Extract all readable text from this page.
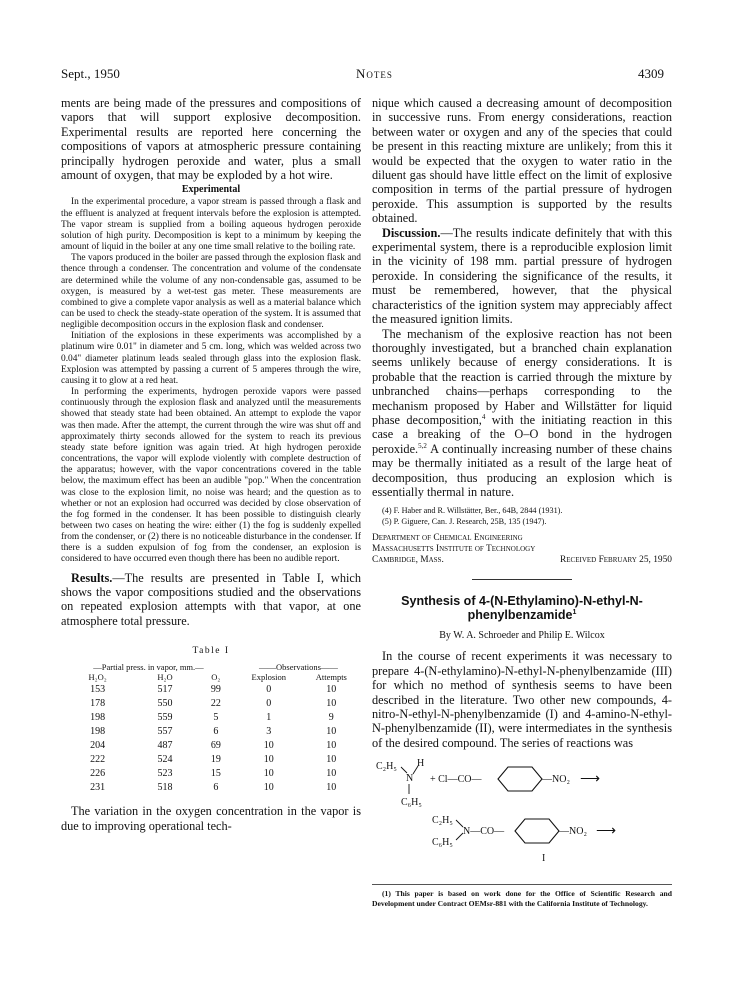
Sept., 1950	Notes	4309

ments are being made of the pressures and compositions of vapors that will support explosive decomposition. Experimental results are reported here concerning the compositions of vapors at atmospheric pressure containing principally hydrogen peroxide and water, plus a small amount of oxygen, that may be exploded by a hot wire.

Experimental

In the experimental procedure, a vapor stream is passed through a flask and the effluent is analyzed at frequent intervals before the explosion is attempted. The vapor stream is supplied from a boiling aqueous hydrogen peroxide solution of high purity. Decomposition is kept to a minimum by keeping the amount of liquid in the boiler at any one time small relative to the boiling rate.

The vapors produced in the boiler are passed through the explosion flask and thence through a condenser. The concentration and volume of the condensate are determined while the volume of any non-condensable gas, assumed to be oxygen, is measured by a wet-test gas meter. These measurements are combined to give a complete vapor analysis as well as a material balance which can be used to check the steady-state operation of the system. It is assumed that negligible decomposition occurs in the explosion flask and condenser.

Initiation of the explosions in these experiments was accomplished by a platinum wire 0.01" in diameter and 5 cm. long, which was welded across two 0.04" diameter platinum leads sealed through glass into the explosion flask. Explosion was attempted by passing a current of 5 amperes through the wire, causing it to glow at a red heat.

In performing the experiments, hydrogen peroxide vapors were passed continuously through the explosion flask and analyzed until the measurements showed that steady state had been obtained. An attempt to explode the vapor was then made. After the attempt, the current through the wire was shut off and approximately thirty seconds allowed for the system to reach its previous steady state before ignition was again tried. At high hydrogen peroxide concentrations, the vapor will explode violently with complete destruction of the apparatus; however, with the vapor concentrations covered in the table below, the maximum effect has been an audible "pop." When the concentration was close to the explosion limit, no noise was heard; and the question as to whether or not an explosion had occurred was decided by close observation of the fog formed in the condenser. It has been possible to distinguish clearly between two cases on heating the wire: either (1) the fog is suddenly expelled from the condenser, or (2) there is no noticeable disturbance in the condenser. If there is a sudden expulsion of fog from the condenser, an explosion is considered to have occurred even though there has been no audible report.

Results.—The results are presented in Table I, which shows the vapor compositions studied and the observations on repeated explosion attempts with that vapor, at one atmosphere total pressure.

Table I
—Partial press. in vapor, mm.—			——Observations——	
H₂O₂	H₂O	O₂	Explosion	Attempts
153	517	99	0	10
178	550	22	0	10
198	559	5	1	9
198	557	6	3	10
204	487	69	10	10
222	524	19	10	10
226	523	15	10	10
231	518	6	10	10

The variation in the oxygen concentration in the vapor is due to improving operational tech-

nique which caused a decreasing amount of decomposition in successive runs. From energy considerations, reaction between water or oxygen and any of the species that could be present in this reacting mixture are unlikely; from this it would be expected that the oxygen to water ratio in the diluent gas should have little effect on the limit of explosive composition in terms of the partial pressure of hydrogen peroxide. This assumption is supported by the results obtained.

Discussion.—The results indicate definitely that with this experimental system, there is a reproducible explosion limit in the vicinity of 198 mm. partial pressure of hydrogen peroxide. In considering the significance of the results, it must be remembered, however, that the physical characteristics of the ignition system may appreciably affect the measured ignition limits.

The mechanism of the explosive reaction has not been thoroughly investigated, but a branched chain explanation seems unlikely because of energy considerations. It is probable that the reaction is carried through the mixture by unbranched chains—perhaps corresponding to the mechanism proposed by Haber and Willstätter for liquid phase decomposition,$^4$ with the initiating reaction in this case a breaking of the O–O bond in the hydrogen peroxide.$^{5,2}$ A continually increasing number of these chains may be thermally initiated as a result of the large heat of decomposition, thus producing an explosion which is essentially thermal in nature.

(4) F. Haber and R. Willstätter, Ber., 64B, 2844 (1931).
(5) P. Giguere, Can. J. Research, 25B, 135 (1947).
Department of Chemical Engineering
Massachusetts Institute of Technology
Cambridge, Mass.	Received February 25, 1950
Synthesis of 4-(N-Ethylamino)-N-ethyl-N-phenylbenzamide$^1$
By W. A. Schroeder and Philip E. Wilcox

In the course of recent experiments it was necessary to prepare 4-(N-ethylamino)-N-ethyl-N-phenylbenzamide (III) for which no method of synthesis seems to have been described in the literature. Two other new compounds, 4-nitro-N-ethyl-N-phenylbenzamide (I) and 4-amino-N-ethyl-N-phenylbenzamide (II), were intermediates in the synthesis of the desired compound. The series of reactions was

C₂H₅
N
H
C₆H₅
+ Cl—CO—	—NO₂ ⟶
C₂H₅
C₆H₅
N—CO—	—NO₂ ⟶
I
(1) This paper is based on work done for the Office of Scientific Research and Development under Contract OEMsr-881 with the California Institute of Technology.
